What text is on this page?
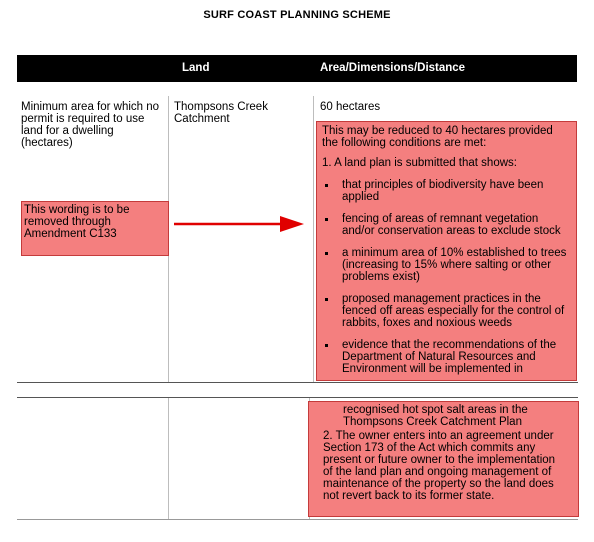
SURF COAST PLANNING SCHEME
Land	Area/Dimensions/Distance
Minimum area for which no permit is required to use land for a dwelling (hectares)
Thompsons Creek Catchment
60 hectares
This wording is to be removed through Amendment C133
This may be reduced to 40 hectares provided the following conditions are met:
1. A land plan is submitted that shows:
that principles of biodiversity have been applied
fencing of areas of remnant vegetation and/or conservation areas to exclude stock
a minimum area of 10% established to trees (increasing to 15% where salting or other problems exist)
proposed management practices in the fenced off areas especially for the control of rabbits, foxes and noxious weeds
evidence that the recommendations of the Department of Natural Resources and Environment will be implemented in
recognised hot spot salt areas in the Thompsons Creek Catchment Plan
2. The owner enters into an agreement under Section 173 of the Act which commits any present or future owner to the implementation of the land plan and ongoing management of maintenance of the property so the land does not revert back to its former state.
